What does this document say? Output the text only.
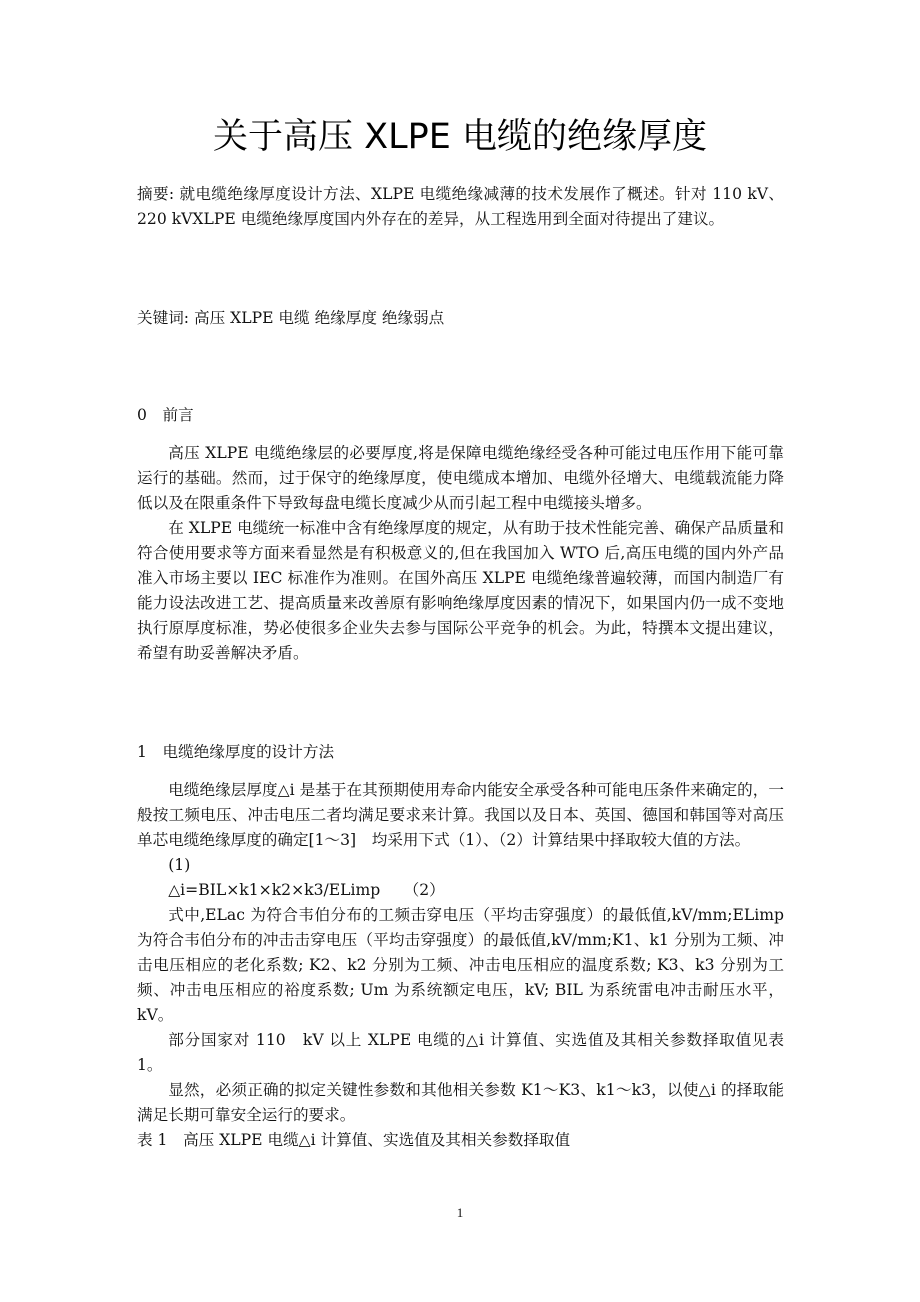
关于高压 XLPE 电缆的绝缘厚度

摘要: 就电缆绝缘厚度设计方法、XLPE 电缆绝缘减薄的技术发展作了概述。针对 110 kV、220 kVXLPE 电缆绝缘厚度国内外存在的差异，从工程选用到全面对待提出了建议。

关键词: 高压 XLPE 电缆 绝缘厚度 绝缘弱点

0　前言

高压 XLPE 电缆绝缘层的必要厚度,将是保障电缆绝缘经受各种可能过电压作用下能可靠运行的基础。然而，过于保守的绝缘厚度，使电缆成本增加、电缆外径增大、电缆载流能力降低以及在限重条件下导致每盘电缆长度减少从而引起工程中电缆接头增多。

在 XLPE 电缆统一标准中含有绝缘厚度的规定，从有助于技术性能完善、确保产品质量和符合使用要求等方面来看显然是有积极意义的,但在我国加入 WTO 后,高压电缆的国内外产品准入市场主要以 IEC 标准作为准则。在国外高压 XLPE 电缆绝缘普遍较薄，而国内制造厂有能力设法改进工艺、提高质量来改善原有影响绝缘厚度因素的情况下，如果国内仍一成不变地执行原厚度标准，势必使很多企业失去参与国际公平竞争的机会。为此，特撰本文提出建议，希望有助妥善解决矛盾。

1　电缆绝缘厚度的设计方法

电缆绝缘层厚度△i 是基于在其预期使用寿命内能安全承受各种可能电压条件来确定的，一般按工频电压、冲击电压二者均满足要求来计算。我国以及日本、英国、德国和韩国等对高压单芯电缆绝缘厚度的确定[1～3]　均采用下式（1）、（2）计算结果中择取较大值的方法。

(1)

△i=BIL×k1×k2×k3/ELimp　　（2）

式中,ELac 为符合韦伯分布的工频击穿电压（平均击穿强度）的最低值,kV/mm;ELimp 为符合韦伯分布的冲击击穿电压（平均击穿强度）的最低值,kV/mm;K1、k1 分别为工频、冲击电压相应的老化系数; K2、k2 分别为工频、冲击电压相应的温度系数; K3、k3 分别为工频、冲击电压相应的裕度系数; Um 为系统额定电压，kV; BIL 为系统雷电冲击耐压水平，kV。

部分国家对 110　kV 以上 XLPE 电缆的△i 计算值、实选值及其相关参数择取值见表 1。

显然，必须正确的拟定关键性参数和其他相关参数 K1～K3、k1～k3，以使△i 的择取能满足长期可靠安全运行的要求。

表 1　高压 XLPE 电缆△i 计算值、实选值及其相关参数择取值

1
